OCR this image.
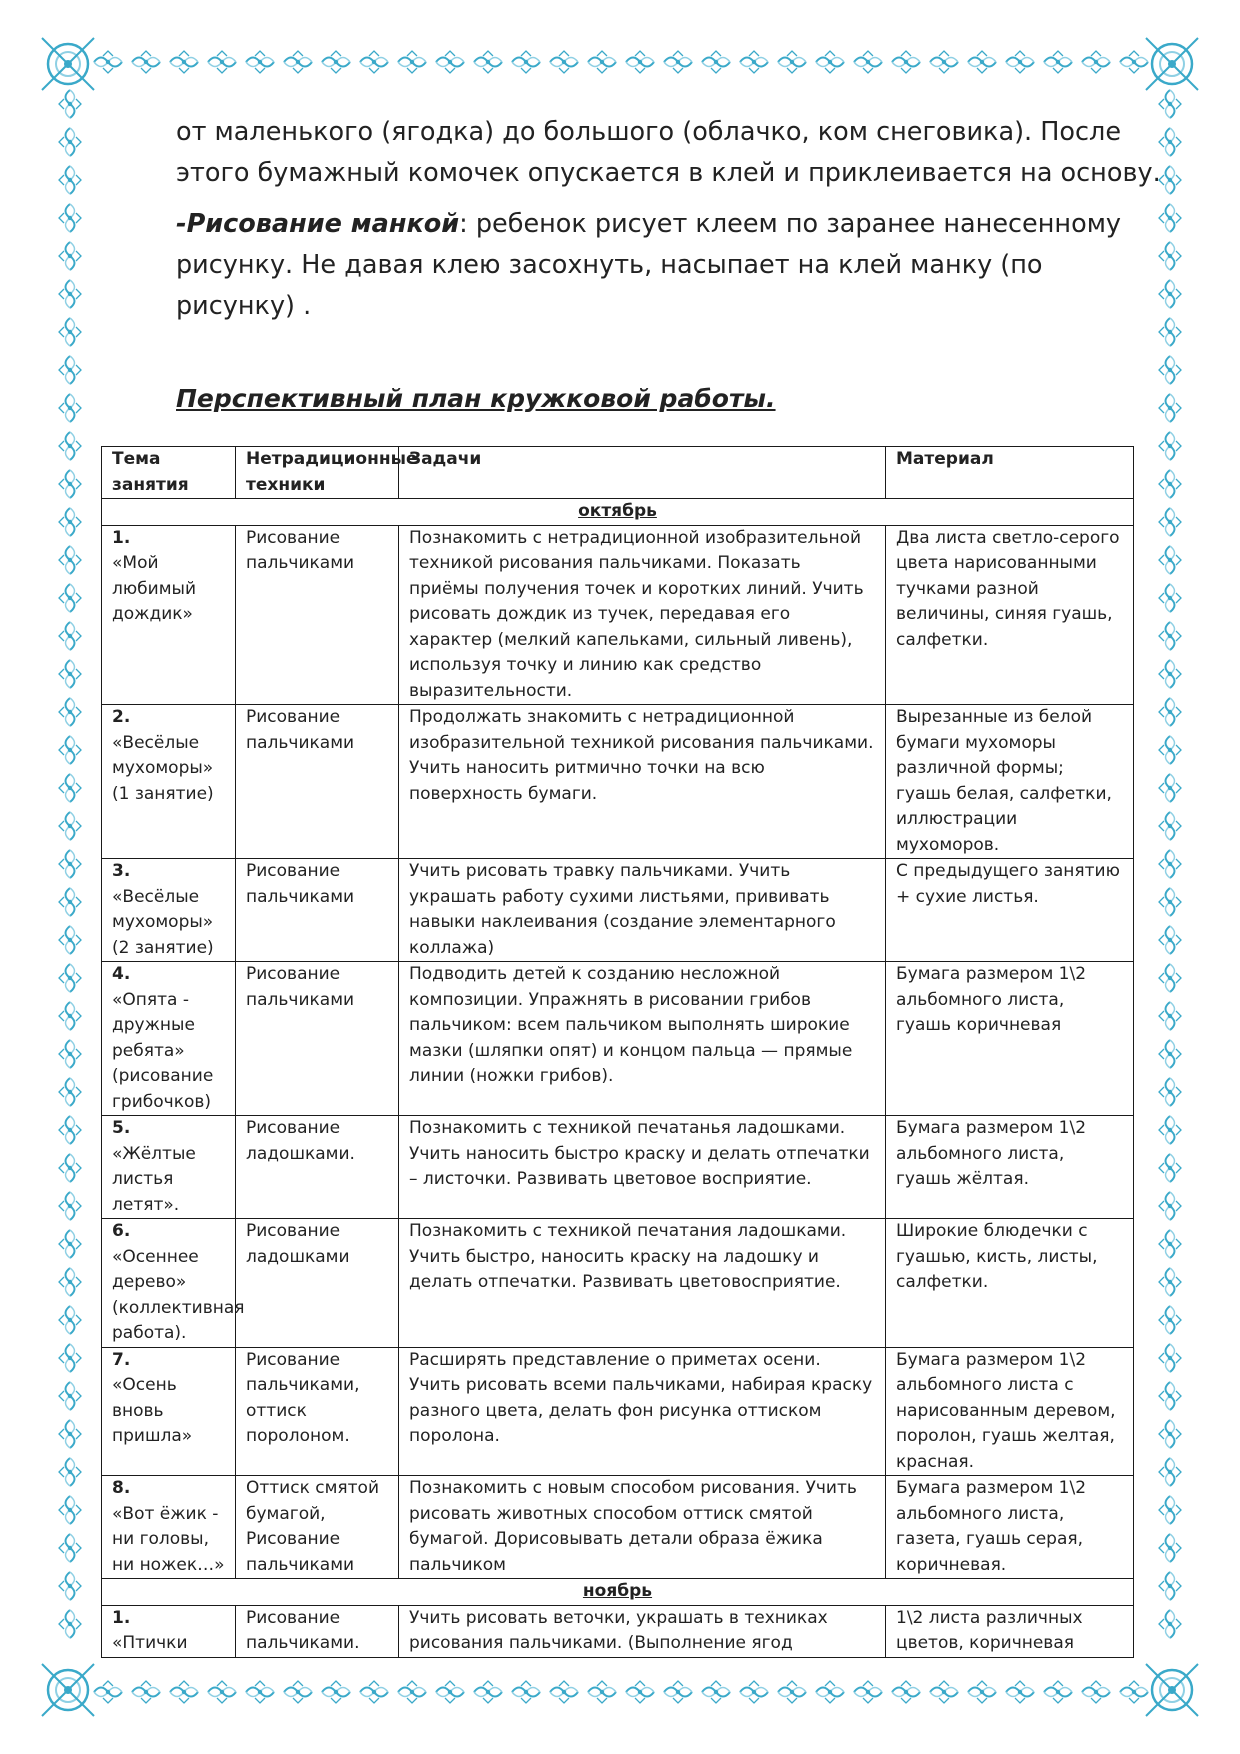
от маленького (ягодка) до большого (облачко, ком снеговика). После этого бумажный комочек опускается в клей и приклеивается на основу.

-Рисование манкой: ребенок рисует клеем по заранее нанесенному рисунку. Не давая клею засохнуть, насыпает на клей манку (по рисунку) .

Перспективный план кружковой работы.
Тема занятия	Нетрадиционные техники	Задачи	Материал
октябрь			

1.
«Мой любимый дождик»	Рисование пальчиками	Познакомить с нетрадиционной изобразительной техникой рисования пальчиками. Показать приёмы получения точек и коротких линий. Учить рисовать дождик из тучек, передавая его характер (мелкий капельками, сильный ливень), используя точку и линию как средство выразительности.	Два листа светло-серого цвета нарисованными тучками разной величины, синяя гуашь, салфетки.

2.
«Весёлые мухоморы» (1 занятие)	Рисование пальчиками	Продолжать знакомить с нетрадиционной изобразительной техникой рисования пальчиками. Учить наносить ритмично точки на всю поверхность бумаги.	Вырезанные из белой бумаги мухоморы различной формы; гуашь белая, салфетки, иллюстрации мухоморов.

3.
«Весёлые мухоморы» (2 занятие)	Рисование пальчиками	Учить рисовать травку пальчиками. Учить украшать работу сухими листьями, прививать навыки наклеивания (создание элементарного коллажа)	С предыдущего занятию + сухие листья.

4.
«Опята - дружные ребята» (рисование грибочков)	Рисование пальчиками	Подводить детей к созданию несложной композиции. Упражнять в рисовании грибов пальчиком: всем пальчиком выполнять широкие мазки (шляпки опят) и концом пальца — прямые линии (ножки грибов).	Бумага размером 1\2 альбомного листа, гуашь коричневая

5.
«Жёлтые листья летят».	Рисование ладошками.	Познакомить с техникой печатанья ладошками. Учить наносить быстро краску и делать отпечатки – листочки. Развивать цветовое восприятие.	Бумага размером 1\2 альбомного листа, гуашь жёлтая.

6.
«Осеннее дерево» (коллективная работа).	Рисование ладошками	Познакомить с техникой печатания ладошками. Учить быстро, наносить краску на ладошку и делать отпечатки. Развивать цветовосприятие.	Широкие блюдечки с гуашью, кисть, листы, салфетки.

7.
«Осень вновь пришла»	Рисование пальчиками, оттиск поролоном.	Расширять представление о приметах осени. Учить рисовать всеми пальчиками, набирая краску разного цвета, делать фон рисунка оттиском поролона.	Бумага размером 1\2 альбомного листа с нарисованным деревом, поролон, гуашь желтая, красная.

8.
«Вот ёжик - ни головы, ни ножек…»	Оттиск смятой бумагой, Рисование пальчиками	Познакомить с новым способом рисования. Учить рисовать животных способом оттиск смятой бумагой. Дорисовывать детали образа ёжика пальчиком	Бумага размером 1\2 альбомного листа, газета, гуашь серая, коричневая.
ноябрь			

1.
«Птички	Рисование пальчиками.	Учить рисовать веточки, украшать в техниках рисования пальчиками. (Выполнение ягод	1\2 листа различных цветов, коричневая
